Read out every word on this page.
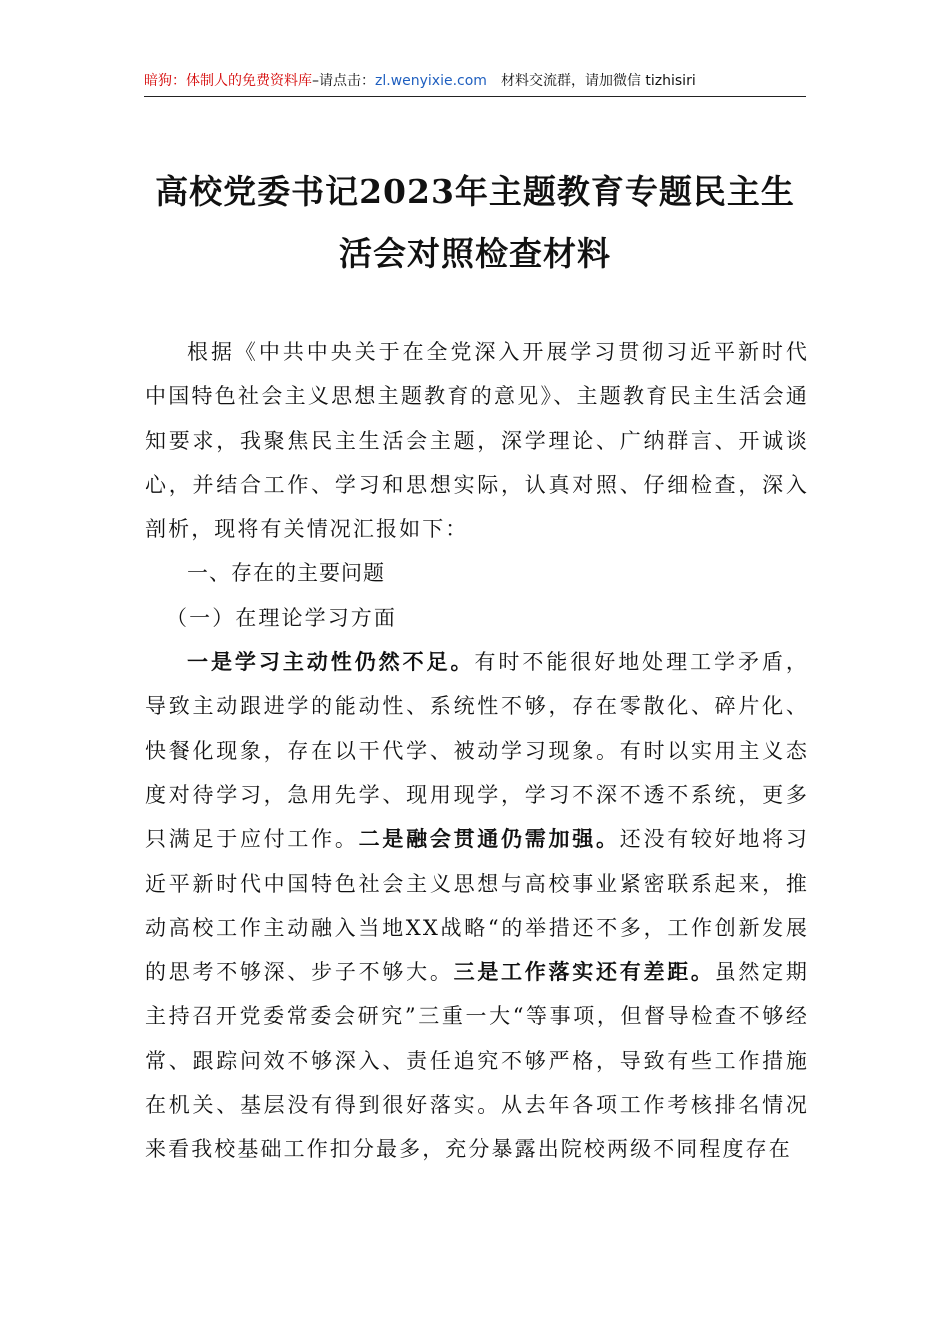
暗狗：体制人的免费资料库–请点击：zl.wenyixie.com 材料交流群，请加微信 tizhisiri
高校党委书记2023年主题教育专题民主生
活会对照检查材料

根据《中共中央关于在全党深入开展学习贯彻习近平新时代中国特色社会主义思想主题教育的意见》、主题教育民主生活会通知要求，我聚焦民主生活会主题，深学理论、广纳群言、开诚谈心，并结合工作、学习和思想实际，认真对照、仔细检查，深入剖析，现将有关情况汇报如下：

一、存在的主要问题

（一）在理论学习方面

一是学习主动性仍然不足。有时不能很好地处理工学矛盾，导致主动跟进学的能动性、系统性不够，存在零散化、碎片化、快餐化现象，存在以干代学、被动学习现象。有时以实用主义态度对待学习，急用先学、现用现学，学习不深不透不系统，更多只满足于应付工作。二是融会贯通仍需加强。还没有较好地将习近平新时代中国特色社会主义思想与高校事业紧密联系起来，推动高校工作主动融入当地XX战略“的举措还不多，工作创新发展的思考不够深、步子不够大。三是工作落实还有差距。虽然定期主持召开党委常委会研究”三重一大“等事项，但督导检查不够经常、跟踪问效不够深入、责任追究不够严格，导致有些工作措施在机关、基层没有得到很好落实。从去年各项工作考核排名情况来看我校基础工作扣分最多，充分暴露出院校两级不同程度存在
